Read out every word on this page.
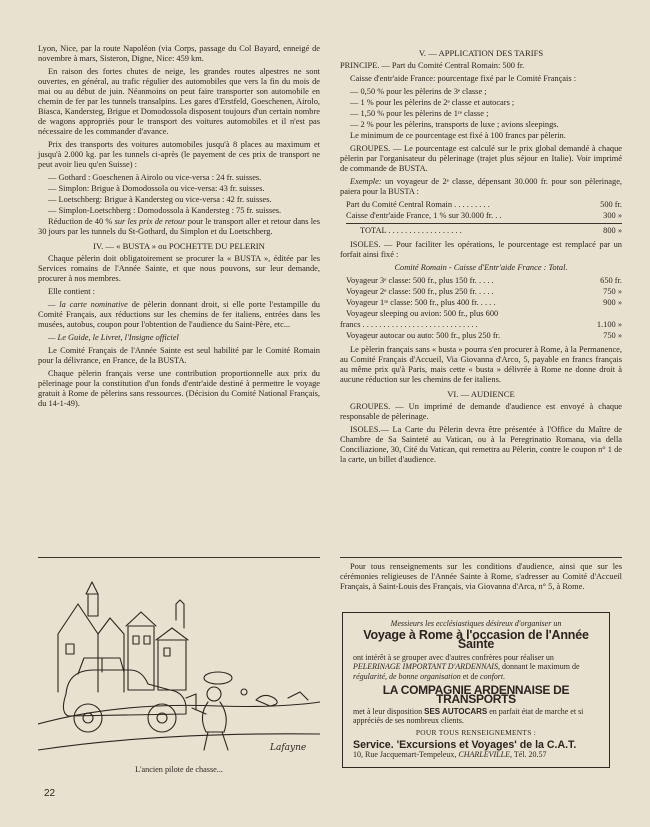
Lyon, Nice, par la route Napoléon (via Corps, passage du Col Bayard, enneigé de novembre à mars, Sisteron, Digne, Nice: 459 km.

En raison des fortes chutes de neige, les grandes routes alpestres ne sont ouvertes, en général, au trafic régulier des automobiles que vers la fin du mois de mai ou au début de juin. Néanmoins on peut faire transporter son automobile en chemin de fer par les tunnels transalpins. Les gares d'Erstfeld, Goeschenen, Airolo, Biasca, Kandersteg, Brigue et Domodossola disposent toujours d'un certain nombre de wagons appropriés pour le transport des voitures automobiles et il n'est pas nécessaire de les commander d'avance.

Prix des transports des voitures automobiles jusqu'à 8 places au maximum et jusqu'à 2.000 kg. par les tunnels ci-après (le payement de ces prix de transport ne peut avoir lieu qu'en Suisse) :

— Gothard : Goeschenen à Airolo ou vice-versa : 24 fr. suisses.

— Simplon: Brigue à Domodossola ou vice-versa: 43 fr. suisses.

— Loetschberg: Brigue à Kandersteg ou vice-versa : 42 fr. suisses.

— Simplon-Loetschberg : Domodossola à Kandersteg : 75 fr. suisses.

Réduction de 40 % sur les prix de retour pour le transport aller et retour dans les 30 jours par les tunnels du St-Gothard, du Simplon et du Loetschberg.

IV. — « BUSTA » ou POCHETTE DU PELERIN

Chaque pèlerin doit obligatoirement se procurer la « BUSTA », éditée par les Services romains de l'Année Sainte, et que nous pouvons, sur leur demande, procurer à nos membres.

Elle contient :

— la carte nominative de pèlerin donnant droit, si elle porte l'estampille du Comité Français, aux réductions sur les chemins de fer italiens, entrées dans les musées, autobus, coupon pour l'obtention de l'audience du Saint-Père, etc...

— Le Guide, le Livret, l'Insigne officiel

Le Comité Français de l'Année Sainte est seul habilité par le Comité Romain pour la délivrance, en France, de la BUSTA.

Chaque pèlerin français verse une contribution proportionnelle aux prix du pèlerinage pour la constitution d'un fonds d'entr'aide destiné à permettre le voyage gratuit à Rome de pèlerins sans ressources. (Décision du Comité National Français, du 14-1-49).

V. — APPLICATION DES TARIFS

PRINCIPE. — Part du Comité Central Romain: 500 fr.

Caisse d'entr'aide France: pourcentage fixé par le Comité Français :

— 0,50 % pour les pèlerins de 3ᵉ classe ;

— 1 % pour les pèlerins de 2ᵉ classe et autocars ;

— 1,50 % pour les pèlerins de 1ʳᵉ classe ;

— 2 % pour les pèlerins, transports de luxe ; avions sleepings.

Le minimum de ce pourcentage est fixé à 100 francs par pèlerin.

GROUPES. — Le pourcentage est calculé sur le prix global demandé à chaque pèlerin par l'organisateur du pèlerinage (trajet plus séjour en Italie). Voir imprimé de commande de BUSTA.

Exemple: un voyageur de 2ᵉ classe, dépensant 30.000 fr. pour son pèlerinage, paiera pour la BUSTA :

Part du Comité Central Romain . . . . . . . . .	500 fr.
Caisse d'entr'aide France, 1 % sur 30.000 fr. . .	300 »
TOTAL . . . . . . . . . . . . . . . . . .	800 »

ISOLES. — Pour faciliter les opérations, le pourcentage est remplacé par un forfait ainsi fixé :

Comité Romain - Caisse d'Entr'aide France : Total.

Voyageur 3ᵉ classe: 500 fr., plus 150 fr. . . . .	650 fr.
Voyageur 2ᵉ classe: 500 fr., plus 250 fr. . . . .	750 »
Voyageur 1ʳᵉ classe: 500 fr., plus 400 fr. . . . .	900 »
Voyageur sleeping ou avion: 500 fr., plus 600
francs . . . . . . . . . . . . . . . . . . . . . . . . . . . .	1.100 »
Voyageur autocar ou auto: 500 fr., plus 250 fr.	750 »

Le pèlerin français sans « busta » pourra s'en procurer à Rome, à la Permanence, au Comité Français d'Accueil, Via Giovanna d'Arco, 5, payable en francs français au même prix qu'à Paris, mais cette « busta » délivrée à Rome ne donne droit à aucune réduction sur les chemins de fer italiens.

VI. — AUDIENCE

GROUPES. — Un imprimé de demande d'audience est envoyé à chaque responsable de pèlerinage.

ISOLES.— La Carte du Pèlerin devra être présentée à l'Office du Maître de Chambre de Sa Sainteté au Vatican, ou à la Peregrinatio Romana, via della Conciliazione, 30, Cité du Vatican, qui remettra au Pèlerin, contre le coupon n° 1 de la carte, un billet d'audience.

Pour tous renseignements sur les conditions d'audience, ainsi que sur les cérémonies religieuses de l'Année Sainte à Rome, s'adresser au Comité d'Accueil Français, à Saint-Louis des Français, via Giovanna d'Arca, n° 5, à Rome.

Lafayne
L'ancien pilote de chasse...
Messieurs les ecclésiastiques désireux d'organiser un
Voyage à Rome à l'occasion de l'Année Sainte
ont intérêt à se grouper avec d'autres confrères pour réaliser un PELERINAGE IMPORTANT D'ARDENNAIS, donnant le maximum de régularité, de bonne organisation et de confort.
LA COMPAGNIE ARDENNAISE DE TRANSPORTS
met à leur disposition SES AUTOCARS en parfait état de marche et si appréciés de ses nombreux clients.
POUR TOUS RENSEIGNEMENTS :
Service. 'Excursions et Voyages' de la C.A.T.
10, Rue Jacquemart-Tempeleux, CHARLEVILLE, Tél. 20.57
22
